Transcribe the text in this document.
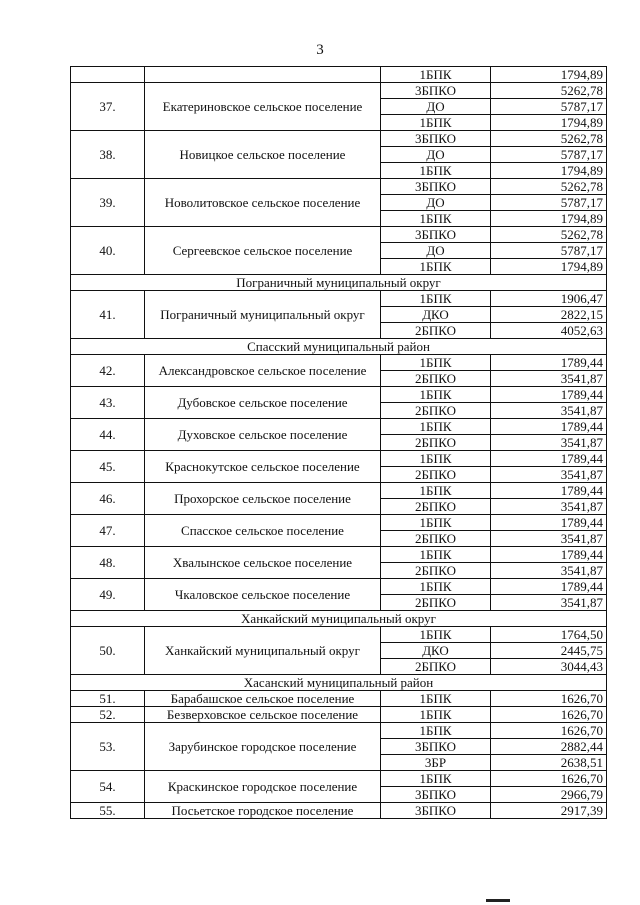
3
		1БПК	1794,89
37.	Екатериновское сельское поселение	3БПКО	5262,78
		ДО	5787,17
		1БПК	1794,89
38.	Новицкое сельское поселение	3БПКО	5262,78
		ДО	5787,17
		1БПК	1794,89
39.	Новолитовское сельское поселение	3БПКО	5262,78
		ДО	5787,17
		1БПК	1794,89
40.	Сергеевское сельское поселение	3БПКО	5262,78
		ДО	5787,17
		1БПК	1794,89
Пограничный муниципальный округ			
41.	Пограничный муниципальный округ	1БПК	1906,47
		ДКО	2822,15
		2БПКО	4052,63
Спасский муниципальный район			
42.	Александровское сельское поселение	1БПК	1789,44
		2БПКО	3541,87
43.	Дубовское сельское поселение	1БПК	1789,44
		2БПКО	3541,87
44.	Духовское сельское поселение	1БПК	1789,44
		2БПКО	3541,87
45.	Краснокутское сельское поселение	1БПК	1789,44
		2БПКО	3541,87
46.	Прохорское сельское поселение	1БПК	1789,44
		2БПКО	3541,87
47.	Спасское сельское поселение	1БПК	1789,44
		2БПКО	3541,87
48.	Хвалынское сельское поселение	1БПК	1789,44
		2БПКО	3541,87
49.	Чкаловское сельское поселение	1БПК	1789,44
		2БПКО	3541,87
Ханкайский муниципальный округ			
50.	Ханкайский муниципальный округ	1БПК	1764,50
		ДКО	2445,75
		2БПКО	3044,43
Хасанский муниципальный район			
51.	Барабашское сельское поселение	1БПК	1626,70
52.	Безверховское сельское поселение	1БПК	1626,70
53.	Зарубинское городское поселение	1БПК	1626,70
		3БПКО	2882,44
		3БР	2638,51
54.	Краскинское городское поселение	1БПК	1626,70
		3БПКО	2966,79
55.	Посьетское городское поселение	3БПКО	2917,39
